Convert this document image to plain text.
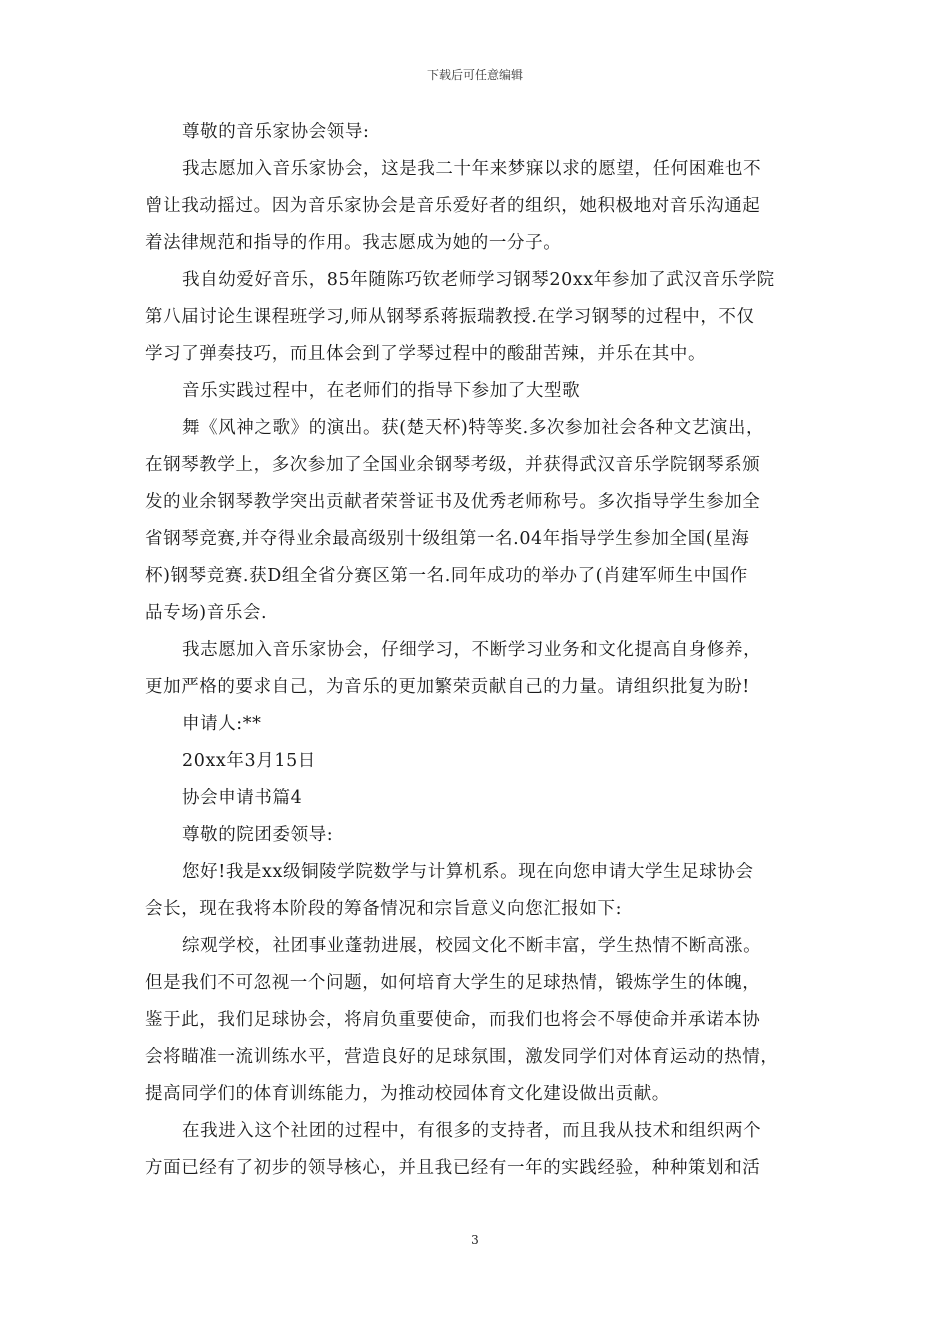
下载后可任意编辑

尊敬的音乐家协会领导:

我志愿加入音乐家协会，这是我二十年来梦寐以求的愿望，任何困难也不

曾让我动摇过。因为音乐家协会是音乐爱好者的组织，她积极地对音乐沟通起

着法律规范和指导的作用。我志愿成为她的一分子。

我自幼爱好音乐，85年随陈巧钦老师学习钢琴20xx年参加了武汉音乐学院

第八届讨论生课程班学习,师从钢琴系蒋振瑞教授.在学习钢琴的过程中，不仅

学习了弹奏技巧，而且体会到了学琴过程中的酸甜苦辣，并乐在其中。

音乐实践过程中，在老师们的指导下参加了大型歌

舞《风神之歌》的演出。获(楚天杯)特等奖.多次参加社会各种文艺演出，

在钢琴教学上，多次参加了全国业余钢琴考级，并获得武汉音乐学院钢琴系颁

发的业余钢琴教学突出贡献者荣誉证书及优秀老师称号。多次指导学生参加全

省钢琴竞赛,并夺得业余最高级别十级组第一名.04年指导学生参加全国(星海

杯)钢琴竞赛.获D组全省分赛区第一名.同年成功的举办了(肖建军师生中国作

品专场)音乐会.

我志愿加入音乐家协会，仔细学习，不断学习业务和文化提高自身修养，

更加严格的要求自己，为音乐的更加繁荣贡献自己的力量。请组织批复为盼!

申请人:**

20xx年3月15日

协会申请书篇4

尊敬的院团委领导:

您好!我是xx级铜陵学院数学与计算机系。现在向您申请大学生足球协会

会长，现在我将本阶段的筹备情况和宗旨意义向您汇报如下:

综观学校，社团事业蓬勃进展，校园文化不断丰富，学生热情不断高涨。

但是我们不可忽视一个问题，如何培育大学生的足球热情，锻炼学生的体魄，

鉴于此，我们足球协会，将肩负重要使命，而我们也将会不辱使命并承诺本协

会将瞄准一流训练水平，营造良好的足球氛围，激发同学们对体育运动的热情，

提高同学们的体育训练能力，为推动校园体育文化建设做出贡献。

在我进入这个社团的过程中，有很多的支持者，而且我从技术和组织两个

方面已经有了初步的领导核心，并且我已经有一年的实践经验，种种策划和活

3
